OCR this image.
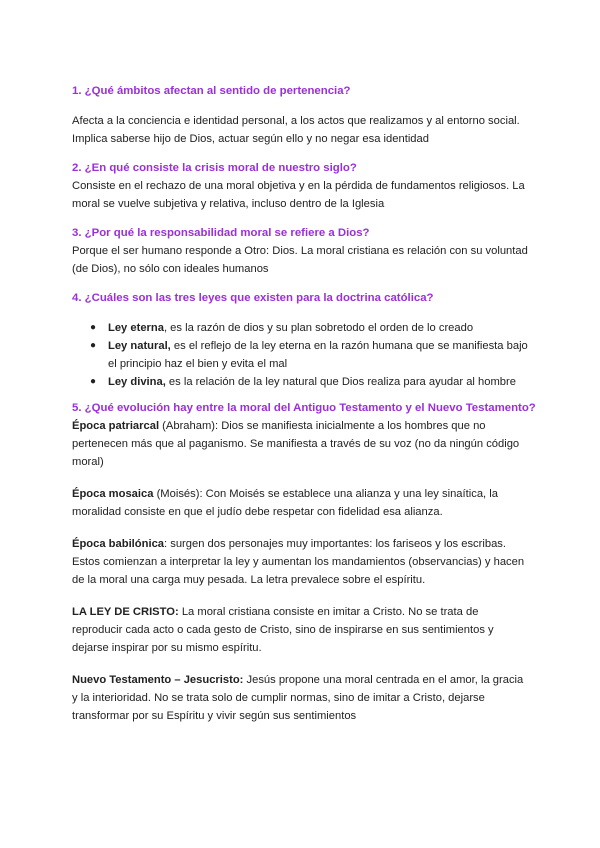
1. ¿Qué ámbitos afectan al sentido de pertenencia?

Afecta a la conciencia e identidad personal, a los actos que realizamos y al entorno social.

Implica saberse hijo de Dios, actuar según ello y no negar esa identidad

2. ¿En qué consiste la crisis moral de nuestro siglo?

Consiste en el rechazo de una moral objetiva y en la pérdida de fundamentos religiosos. La

moral se vuelve subjetiva y relativa, incluso dentro de la Iglesia

3. ¿Por qué la responsabilidad moral se refiere a Dios?

Porque el ser humano responde a Otro: Dios. La moral cristiana es relación con su voluntad

(de Dios), no sólo con ideales humanos

4. ¿Cuáles son las tres leyes que existen para la doctrina católica?

● Ley eterna, es la razón de dios y su plan sobretodo el orden de lo creado
● Ley natural, es el reflejo de la ley eterna en la razón humana que se manifiesta bajo
el principio haz el bien y evita el mal
● Ley divina, es la relación de la ley natural que Dios realiza para ayudar al hombre

5. ¿Qué evolución hay entre la moral del Antiguo Testamento y el Nuevo Testamento?

Época patriarcal (Abraham): Dios se manifiesta inicialmente a los hombres que no

pertenecen más que al paganismo. Se manifiesta a través de su voz (no da ningún código

moral)

Época mosaica (Moisés): Con Moisés se establece una alianza y una ley sinaítica, la

moralidad consiste en que el judío debe respetar con fidelidad esa alianza.

Época babilónica: surgen dos personajes muy importantes: los fariseos y los escribas.

Estos comienzan a interpretar la ley y aumentan los mandamientos (observancias) y hacen

de la moral una carga muy pesada. La letra prevalece sobre el espíritu.

LA LEY DE CRISTO: La moral cristiana consiste en imitar a Cristo. No se trata de

reproducir cada acto o cada gesto de Cristo, sino de inspirarse en sus sentimientos y

dejarse inspirar por su mismo espíritu.

Nuevo Testamento – Jesucristo: Jesús propone una moral centrada en el amor, la gracia

y la interioridad. No se trata solo de cumplir normas, sino de imitar a Cristo, dejarse

transformar por su Espíritu y vivir según sus sentimientos
